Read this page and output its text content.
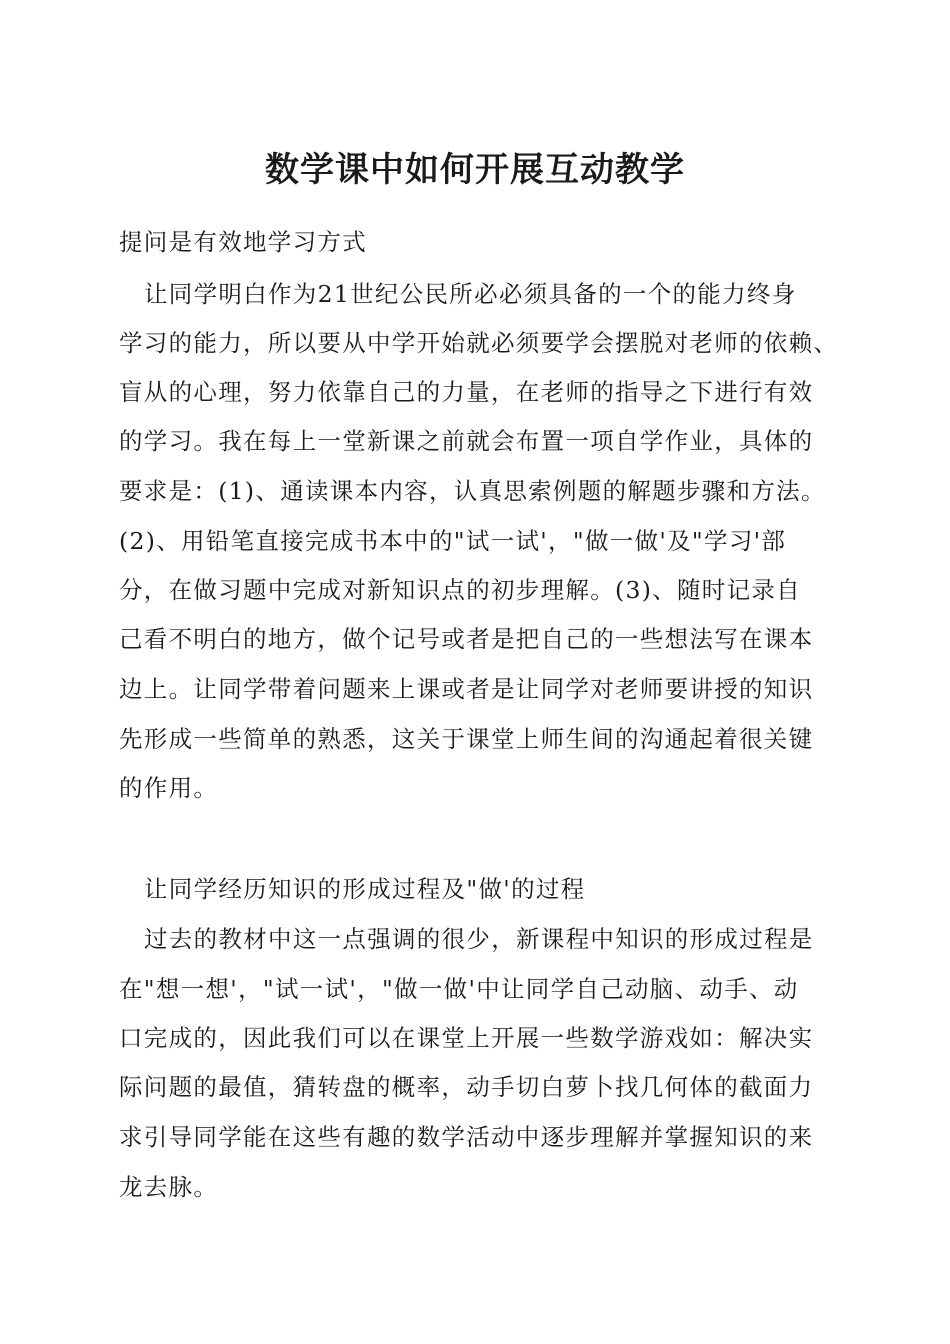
数学课中如何开展互动教学
提问是有效地学习方式
让同学明白作为21世纪公民所必必须具备的一个的能力终身
学习的能力，所以要从中学开始就必须要学会摆脱对老师的依赖、
盲从的心理，努力依靠自己的力量，在老师的指导之下进行有效
的学习。我在每上一堂新课之前就会布置一项自学作业，具体的
要求是：(1)、通读课本内容，认真思索例题的解题步骤和方法。
(2)、用铅笔直接完成书本中的"试一试'，"做一做'及"学习'部
分，在做习题中完成对新知识点的初步理解。(3)、随时记录自
己看不明白的地方，做个记号或者是把自己的一些想法写在课本
边上。让同学带着问题来上课或者是让同学对老师要讲授的知识
先形成一些简单的熟悉，这关于课堂上师生间的沟通起着很关键
的作用。
让同学经历知识的形成过程及"做'的过程
过去的教材中这一点强调的很少，新课程中知识的形成过程是
在"想一想'，"试一试'，"做一做'中让同学自己动脑、动手、动
口完成的，因此我们可以在课堂上开展一些数学游戏如：解决实
际问题的最值，猜转盘的概率，动手切白萝卜找几何体的截面力
求引导同学能在这些有趣的数学活动中逐步理解并掌握知识的来
龙去脉。
